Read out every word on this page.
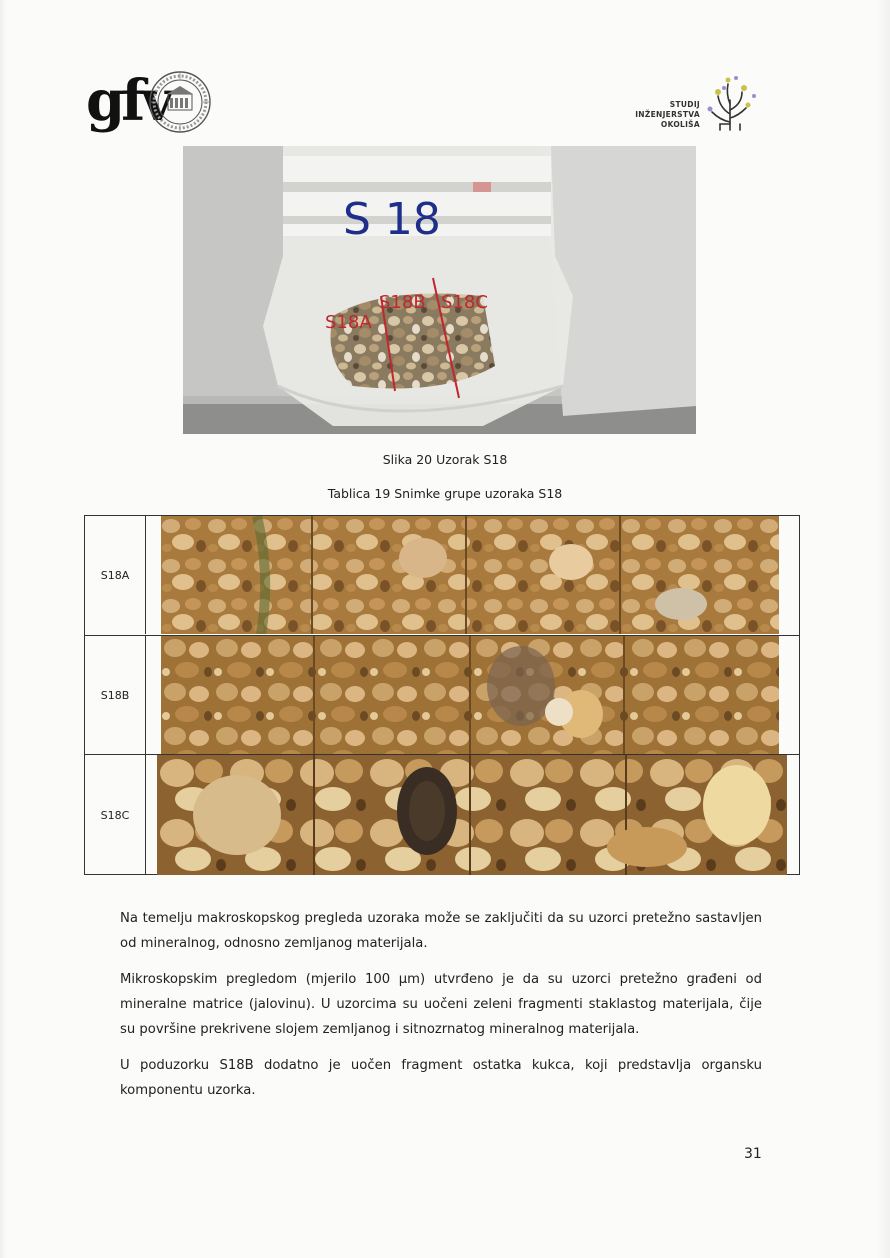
gfv	STUDIJ
INŽENJERSTVA
OKOLIŠA
S 18
S18A
S18B S18C
Slika 20 Uzorak S18
Tablica 19 Snimke grupe uzoraka S18
S18A
S18B
S18C

Na temelju makroskopskog pregleda uzoraka može se zaključiti da su uzorci pretežno sastavljen od mineralnog, odnosno zemljanog materijala.

Mikroskopskim pregledom (mjerilo 100 µm) utvrđeno je da su uzorci pretežno građeni od mineralne matrice (jalovinu). U uzorcima su uočeni zeleni fragmenti staklastog materijala, čije su površine prekrivene slojem zemljanog i sitnozrnatog mineralnog materijala.

U poduzorku S18B dodatno je uočen fragment ostatka kukca, koji predstavlja organsku komponentu uzorka.

31
